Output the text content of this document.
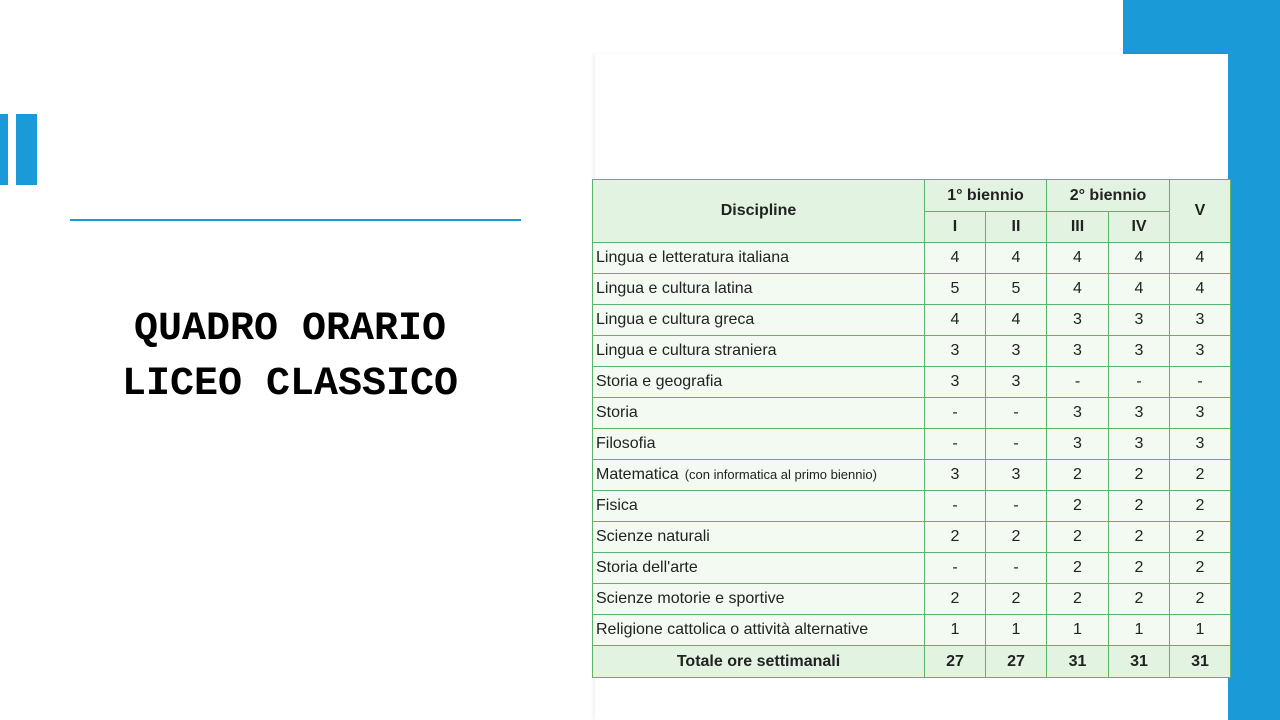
QUADRO ORARIO
LICEO CLASSICO
Discipline	1° biennio		2° biennio		V
	I	II	III	IV	
Lingua e letteratura italiana	4	4	4	4	4
Lingua e cultura latina	5	5	4	4	4
Lingua e cultura greca	4	4	3	3	3
Lingua e cultura straniera	3	3	3	3	3
Storia e geografia	3	3	-	-	-
Storia	-	-	3	3	3
Filosofia	-	-	3	3	3
Matematica (con informatica al primo biennio)	3	3	2	2	2
Fisica	-	-	2	2	2
Scienze naturali	2	2	2	2	2
Storia dell'arte	-	-	2	2	2
Scienze motorie e sportive	2	2	2	2	2
Religione cattolica o attività alternative	1	1	1	1	1
Totale ore settimanali	27	27	31	31	31
